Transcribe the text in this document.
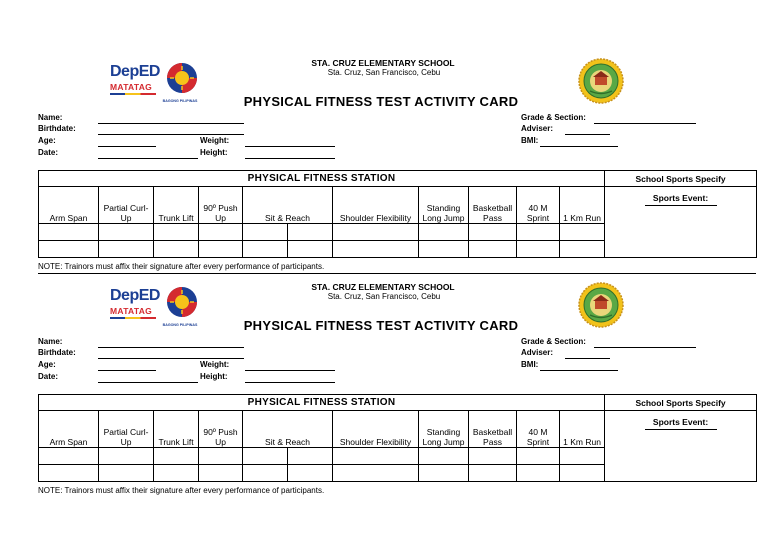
DepED
MATATAG
BAGONG PILIPINAS
STA. CRUZ ELEMENTARY SCHOOL
Sta. Cruz, San Francisco, Cebu
PHYSICAL FITNESS TEST ACTIVITY CARD
Name:
Birthdate:
Age:
Date:
Weight:
Height:
Grade & Section:
Adviser:
BMI:
PHYSICAL FITNESS STATION											School Sports Specify
Arm Span	Partial Curl-Up	Trunk Lift	90º Push Up	Sit & Reach		Shoulder Flexibility	Standing Long Jump	Basketball Pass	40 M Sprint	1 Km Run	Sports Event:

NOTE: Trainors must affix their signature after every performance of participants.
DepED
MATATAG
BAGONG PILIPINAS
STA. CRUZ ELEMENTARY SCHOOL
Sta. Cruz, San Francisco, Cebu
PHYSICAL FITNESS TEST ACTIVITY CARD
Name:
Birthdate:
Age:
Date:
Weight:
Height:
Grade & Section:
Adviser:
BMI:
PHYSICAL FITNESS STATION											School Sports Specify
Arm Span	Partial Curl-Up	Trunk Lift	90º Push Up	Sit & Reach		Shoulder Flexibility	Standing Long Jump	Basketball Pass	40 M Sprint	1 Km Run	Sports Event:

NOTE: Trainors must affix their signature after every performance of participants.
